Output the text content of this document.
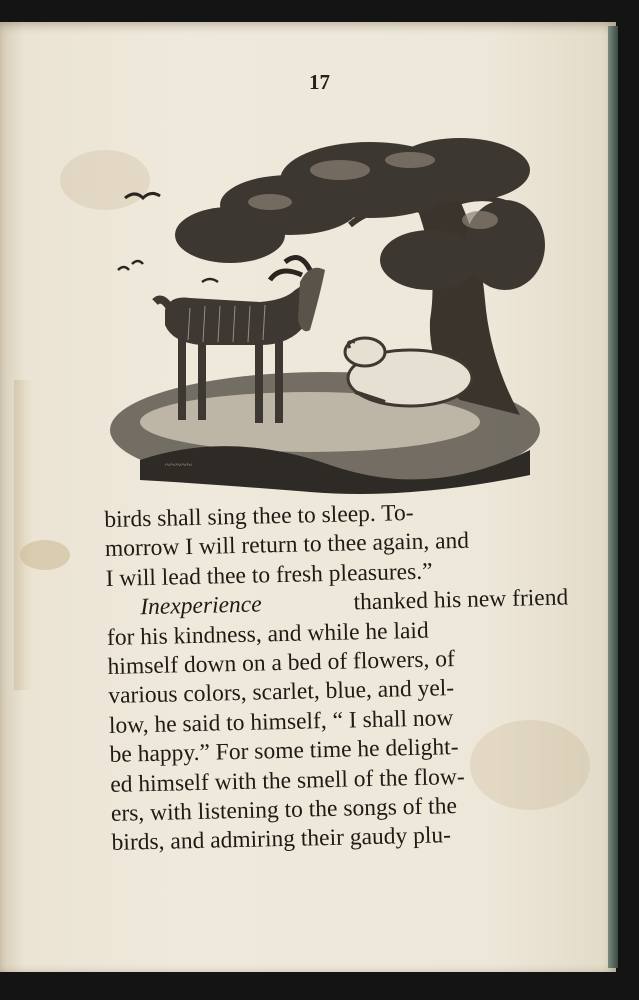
17
~~~~~
birds shall sing thee to sleep. To-
morrow I will return to thee again, and
I will lead thee to fresh pleasures.”
Inexperience	thanked his new friend
for his kindness, and while he laid
himself down on a bed of flowers, of
various colors, scarlet, blue, and yel-
low, he said to himself, “ I shall now
be happy.” For some time he delight-
ed himself with the smell of the flow-
ers, with listening to the songs of the
birds, and admiring their gaudy plu-
